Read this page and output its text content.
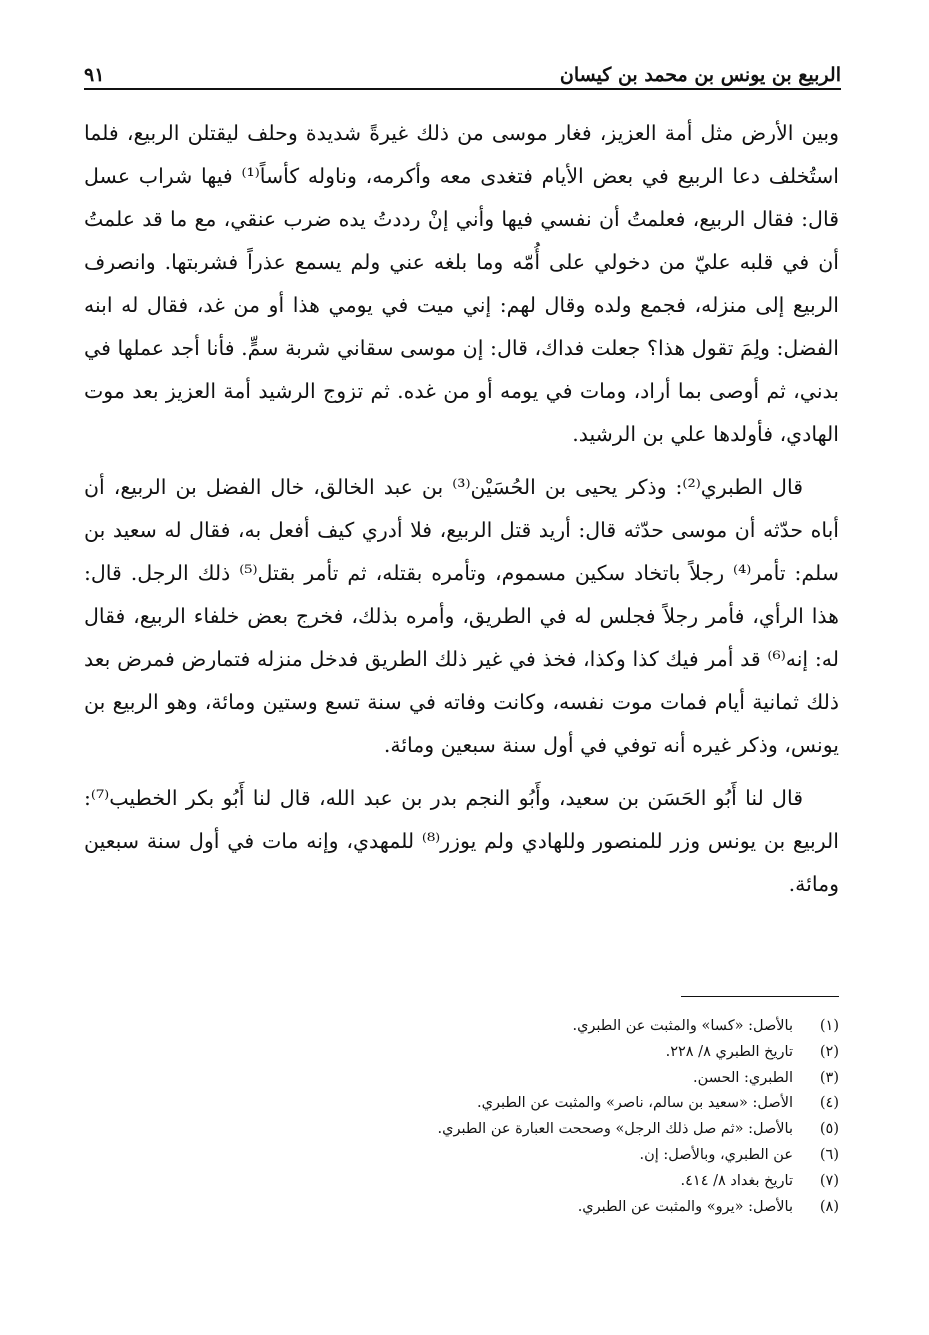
الربيع بن يونس بن محمد بن كيسان
٩١

وبين الأرض مثل أمة العزيز، فغار موسى من ذلك غيرةً شديدة وحلف ليقتلن الربيع، فلما استُخلف دعا الربيع في بعض الأيام فتغدى معه وأكرمه، وناوله كأساً⁽¹⁾ فيها شراب عسل قال: فقال الربيع، فعلمتُ أن نفسي فيها وأني إنْ رددتُ يده ضرب عنقي، مع ما قد علمتُ أن في قلبه عليّ من دخولي على أُمّه وما بلغه عني ولم يسمع عذراً فشربتها. وانصرف الربيع إلى منزله، فجمع ولده وقال لهم: إني ميت في يومي هذا أو من غد، فقال له ابنه الفضل: ولِمَ تقول هذا؟ جعلت فداك، قال: إن موسى سقاني شربة سمٍّ. فأنا أجد عملها في بدني، ثم أوصى بما أراد، ومات في يومه أو من غده. ثم تزوج الرشيد أمة العزيز بعد موت الهادي، فأولدها علي بن الرشيد.

قال الطبري⁽²⁾: وذكر يحيى بن الحُسَيْن⁽³⁾ بن عبد الخالق، خال الفضل بن الربيع، أن أباه حدّثه أن موسى حدّثه قال: أريد قتل الربيع، فلا أدري كيف أفعل به، فقال له سعيد بن سلم: تأمر⁽⁴⁾ رجلاً باتخاد سكين مسموم، وتأمره بقتله، ثم تأمر بقتل⁽⁵⁾ ذلك الرجل. قال: هذا الرأي، فأمر رجلاً فجلس له في الطريق، وأمره بذلك، فخرج بعض خلفاء الربيع، فقال له: إنه⁽⁶⁾ قد أمر فيك كذا وكذا، فخذ في غير ذلك الطريق فدخل منزله فتمارض فمرض بعد ذلك ثمانية أيام فمات موت نفسه، وكانت وفاته في سنة تسع وستين ومائة، وهو الربيع بن يونس، وذكر غيره أنه توفي في أول سنة سبعين ومائة.

قال لنا أَبُو الحَسَن بن سعيد، وأَبُو النجم بدر بن عبد الله، قال لنا أَبُو بكر الخطيب⁽⁷⁾: الربيع بن يونس وزر للمنصور وللهادي ولم يوزر⁽⁸⁾ للمهدي، وإنه مات في أول سنة سبعين ومائة.

(١)
بالأصل: «كسا» والمثبت عن الطبري.
(٢)
تاريخ الطبري ٨/ ٢٢٨.
(٣)
الطبري: الحسن.
(٤)
الأصل: «سعيد بن سالم، ناصر» والمثبت عن الطبري.
(٥)
بالأصل: «ثم صل ذلك الرجل» وصححت العبارة عن الطبري.
(٦)
عن الطبري، وبالأصل: إن.
(٧)
تاريخ بغداد ٨/ ٤١٤.
(٨)
بالأصل: «يرو» والمثبت عن الطبري.
